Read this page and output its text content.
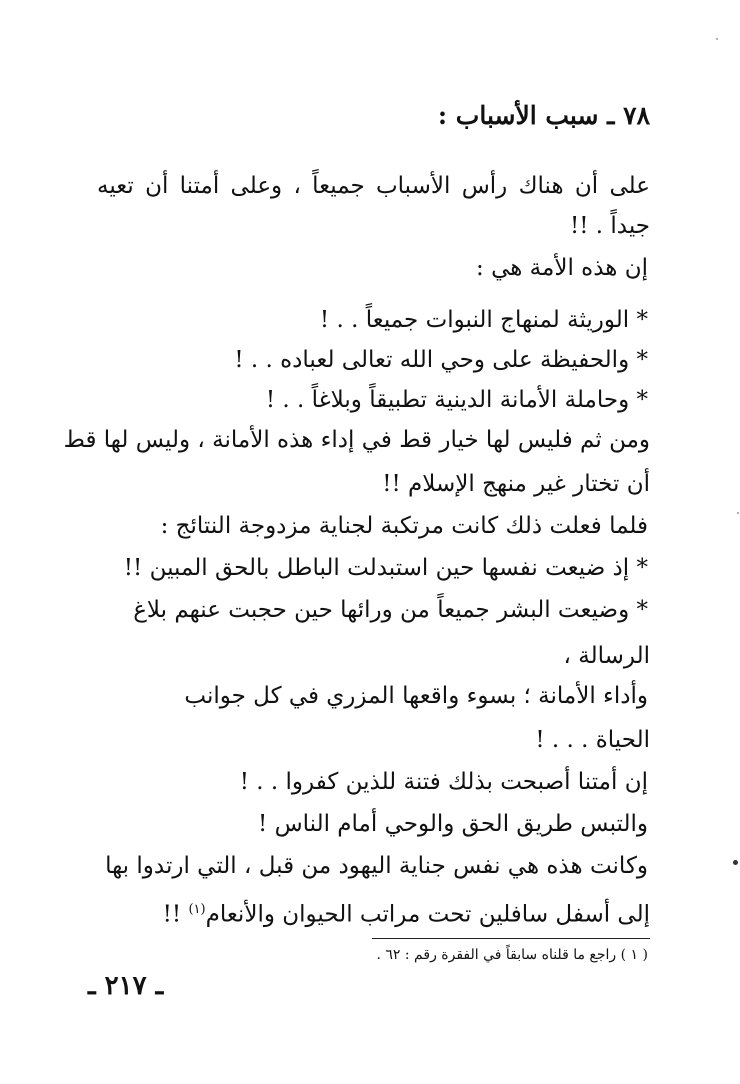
٧٨ ـ سبب الأسباب :
على أن هناك رأس الأسباب جميعاً ، وعلى أمتنا أن تعيه
جيداً . !!
إن هذه الأمة هي :
* الوريثة لمنهاج النبوات جميعاً . . !
* والحفيظة على وحي الله تعالى لعباده . . !
* وحاملة الأمانة الدينية تطبيقاً وبلاغاً . . !
ومن ثم فليس لها خيار قط في إداء هذه الأمانة ، وليس لها قط
أن تختار غير منهج الإسلام !!
فلما فعلت ذلك كانت مرتكبة لجناية مزدوجة النتائج :
* إذ ضيعت نفسها حين استبدلت الباطل بالحق المبين !!
* وضيعت البشر جميعاً من ورائها حين حجبت عنهم بلاغ
الرسالة ،
وأداء الأمانة ؛ بسوء واقعها المزري في كل جوانب
الحياة . . . !
إن أمتنا أصبحت بذلك فتنة للذين كفروا . . !
والتبس طريق الحق والوحي أمام الناس !
وكانت هذه هي نفس جناية اليهود من قبل ، التي ارتدوا بها
إلى أسفل سافلين تحت مراتب الحيوان والأنعام$^{(١)}$ !!
( ١ ) راجع ما قلناه سابقاً في الفقرة رقم : ٦٢ .
ـ ٢١٧ ـ
